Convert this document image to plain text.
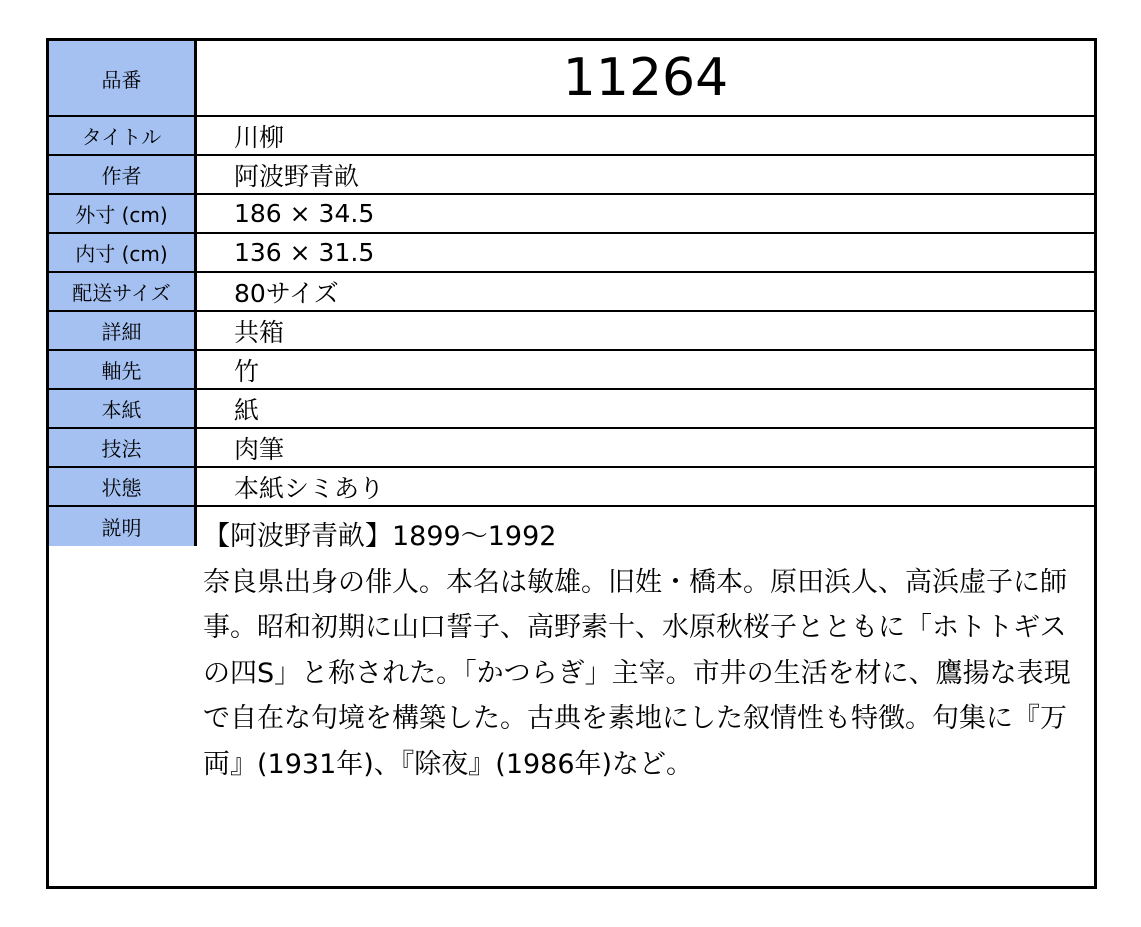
品番	11264
タイトル	川柳
作者	阿波野青畝
外寸 (cm)	186 × 34.5
内寸 (cm)	136 × 31.5
配送サイズ	80サイズ
詳細	共箱
軸先	竹
本紙	紙
技法	肉筆
状態	本紙シミあり
説明	【阿波野青畝】1899〜1992
奈良県出身の俳人。本名は敏雄。旧姓・橋本。原田浜人、高浜虚子に師事。昭和初期に山口誓子、高野素十、水原秋桜子とともに「ホトトギスの四S」と称された。「かつらぎ」主宰。市井の生活を材に、鷹揚な表現で自在な句境を構築した。古典を素地にした叙情性も特徴。句集に『万両』(1931年)、『除夜』(1986年)など。
